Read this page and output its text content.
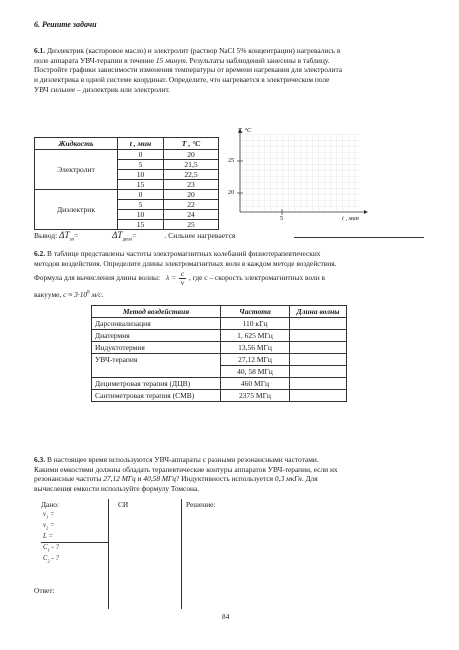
6. Решите задачи
6.1. Диэлектрик (касторовое масло) и электролит (раствор NaCl 5% концентрации) нагревались в
поле аппарата УВЧ-терапии в течение 15 минут. Результаты наблюдений занесены в таблицу.
Постройте графики зависимости изменения температуры от времени нагревания для электролита
и диэлектрика в одной системе координат. Определите, что нагревается в электрическом поле
УВЧ сильнее – диэлектрик или электролит.
Жидкость	t , мин	T , °C
Электролит	0	20
	5	21,5
	10	22,5
	15	23
Диэлектрик	0	20
	5	22
	10	24
	15	25
T, °C
25
20
5	t , мин
Вывод: $\Delta T_{эл}=$	$\Delta T_{диэл}=$	. Сильнее нагревается
6.2. В таблице представлены частоты электромагнитных колебаний физиотерапевтических
методов воздействия. Определите длины электромагнитных волн в каждом методе воздействия.
Формула для вычисления длины волны: $\lambda = \frac{c}{\nu}$ , где c – скорость электромагнитных волн в
вакууме, $c \approx 3\cdot 10^8$ м/с.
Метод воздействия	Частота	Длина волны
Дарсонвализация	110 кГц	
Диатермия	1, 625 МГц	
Индуктотермия	13,56 МГц	
УВЧ-терапия	27,12 МГц	
	40, 58 МГц	
Дециметровая терапия (ДЦВ)	460 МГц	
Сантиметровая терапия (СМВ)	2375 МГц	
6.3. В настоящее время используются УВЧ-аппараты с разными резонансными частотами.
Какими емкостями должны обладать терапевтические контуры аппаратов УВЧ-терапии, если их
резонансные частоты 27,12 МГц и 40,58 МГц? Индуктивность используется 0,3 мкГн. Для
вычисления емкости используйте формулу Томсона.
Дано:	СИ	Решение:
$\nu_1$ =
$\nu_2$ =
L =
$C_1$ - ?
$C_2$ - ?
Ответ:
84
